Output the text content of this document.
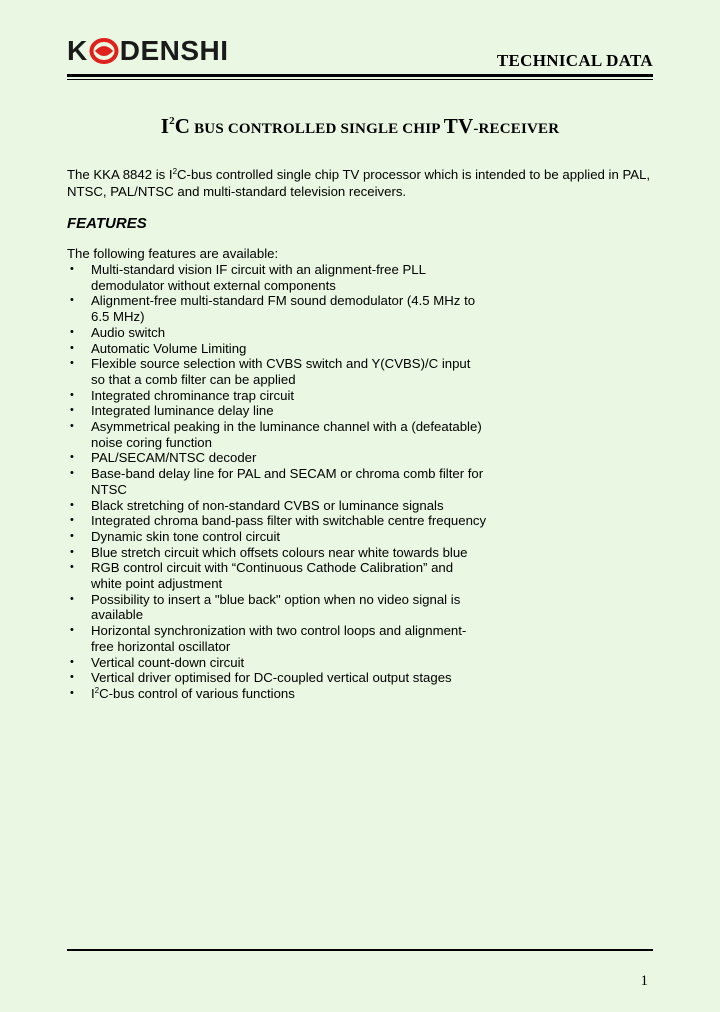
K DENSHI	TECHNICAL DATA
$I^2C$ BUS CONTROLLED SINGLE CHIP TV-RECEIVER
The KKA 8842 is $I^2C$-bus controlled single chip TV processor which is intended to be applied in PAL, NTSC, PAL/NTSC and multi-standard television receivers.
FEATURES
The following features are available:
• Multi-standard vision IF circuit with an alignment-free PLL demodulator without external components
• Alignment-free multi-standard FM sound demodulator (4.5 MHz to 6.5 MHz)
• Audio switch
• Automatic Volume Limiting
• Flexible source selection with CVBS switch and Y(CVBS)/C input so that a comb filter can be applied
• Integrated chrominance trap circuit
• Integrated luminance delay line
• Asymmetrical peaking in the luminance channel with a (defeatable) noise coring function
• PAL/SECAM/NTSC decoder
• Base-band delay line for PAL and SECAM or chroma comb filter for NTSC
• Black stretching of non-standard CVBS or luminance signals
• Integrated chroma band-pass filter with switchable centre frequency
• Dynamic skin tone control circuit
• Blue stretch circuit which offsets colours near white towards blue
• RGB control circuit with “Continuous Cathode Calibration” and white point adjustment
• Possibility to insert a "blue back" option when no video signal is available
• Horizontal synchronization with two control loops and alignment-free horizontal oscillator
• Vertical count-down circuit
• Vertical driver optimised for DC-coupled vertical output stages
• $I^2C$-bus control of various functions
1
